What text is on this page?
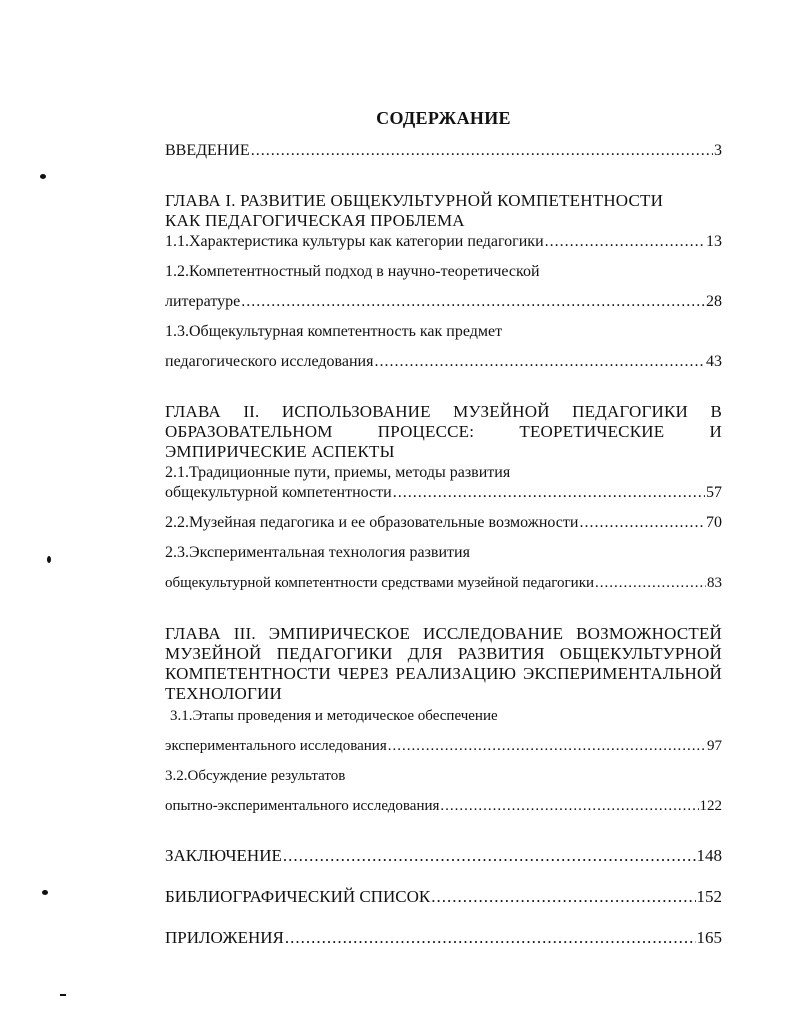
СОДЕРЖАНИЕ
ВВЕДЕНИЕ .....	3
ГЛАВА I. РАЗВИТИЕ ОБЩЕКУЛЬТУРНОЙ КОМПЕТЕНТНОСТИ
КАК ПЕДАГОГИЧЕСКАЯ ПРОБЛЕМА
1.1.Характеристика культуры как категории педагогики .....	13
1.2.Компетентностный подход в научно-теоретической
литературе .....	28
1.3.Общекультурная компетентность как предмет
педагогического исследования .....	43
ГЛАВА II. ИСПОЛЬЗОВАНИЕ МУЗЕЙНОЙ ПЕДАГОГИКИ В
ОБРАЗОВАТЕЛЬНОМ ПРОЦЕССЕ: ТЕОРЕТИЧЕСКИЕ И
ЭМПИРИЧЕСКИЕ АСПЕКТЫ
2.1.Традиционные пути, приемы, методы развития
общекультурной компетентности .....	57
2.2.Музейная педагогика и ее образовательные возможности .....	70
2.3.Экспериментальная технология развития
общекультурной компетентности средствами музейной педагогики .....	83
ГЛАВА III. ЭМПИРИЧЕСКОЕ ИССЛЕДОВАНИЕ ВОЗМОЖНОСТЕЙ
МУЗЕЙНОЙ ПЕДАГОГИКИ ДЛЯ РАЗВИТИЯ ОБЩЕКУЛЬТУРНОЙ
КОМПЕТЕНТНОСТИ ЧЕРЕЗ РЕАЛИЗАЦИЮ ЭКСПЕРИМЕНТАЛЬНОЙ
ТЕХНОЛОГИИ
3.1.Этапы проведения и методическое обеспечение
экспериментального исследования .....	97
3.2.Обсуждение результатов
опытно-экспериментального исследования .....	122
ЗАКЛЮЧЕНИЕ .....	148
БИБЛИОГРАФИЧЕСКИЙ СПИСОК .....	152
ПРИЛОЖЕНИЯ .....	165
